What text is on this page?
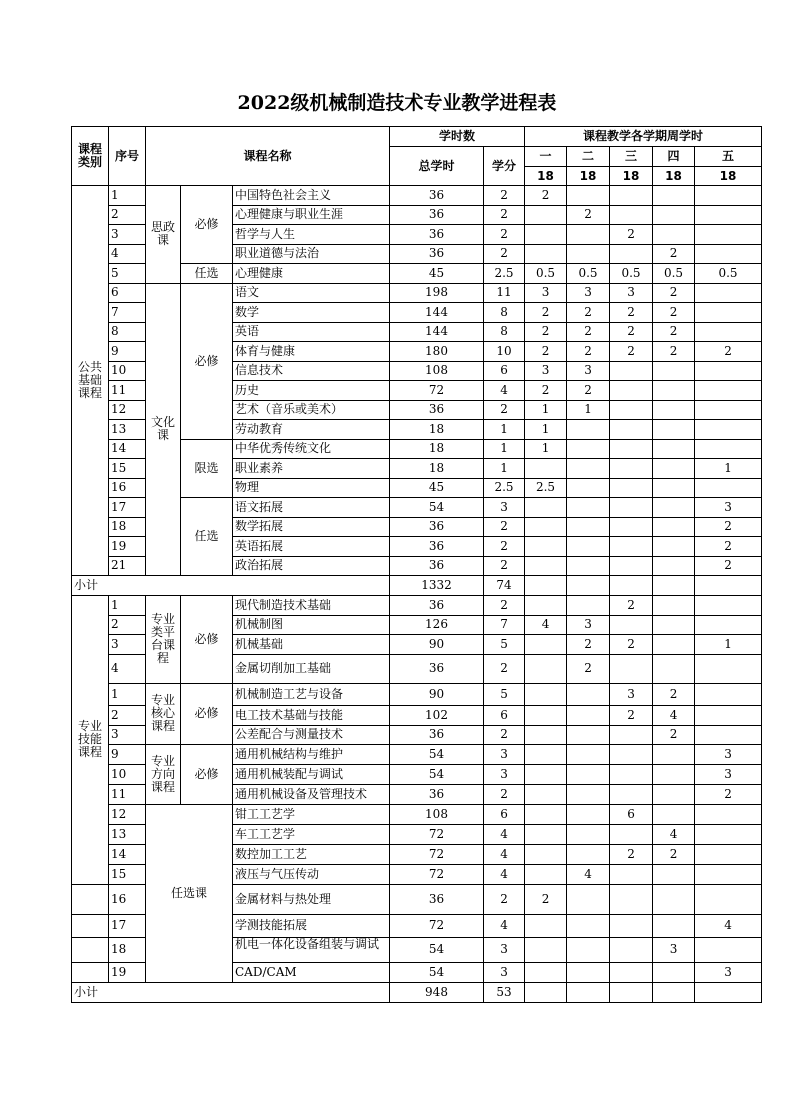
2022级机械制造技术专业教学进程表
课程类别	序号	课程名称			学时数		课程教学各学期周学时				
					总学时	学分	一	二	三	四	五
							18	18	18	18	18
公共基础课程	1	思政课	必修	中国特色社会主义	36	2	2				
	2			心理健康与职业生涯	36	2		2			
	3			哲学与人生	36	2			2		
	4			职业道德与法治	36	2				2	
	5		任选	心理健康	45	2.5	0.5	0.5	0.5	0.5	0.5
	6	文化课	必修	语文	198	11	3	3	3	2	
	7			数学	144	8	2	2	2	2	
	8			英语	144	8	2	2	2	2	
	9			体育与健康	180	10	2	2	2	2	2
	10			信息技术	108	6	3	3			
	11			历史	72	4	2	2			
	12			艺术（音乐或美术）	36	2	1	1			
	13			劳动教育	18	1	1				
	14		限选	中华优秀传统文化	18	1	1				
	15			职业素养	18	1					1
	16			物理	45	2.5	2.5				
	17		任选	语文拓展	54	3					3
	18			数学拓展	36	2					2
	19			英语拓展	36	2					2
	21			政治拓展	36	2					2
小计					1332	74					
专业技能课程	1	专业类平台课程	必修	现代制造技术基础	36	2			2		
	2			机械制图	126	7	4	3			
	3			机械基础	90	5		2	2		1
	4			金属切削加工基础	36	2		2			
	1	专业核心课程	必修	机械制造工艺与设备	90	5			3	2	
	2			电工技术基础与技能	102	6			2	4	
	3			公差配合与测量技术	36	2				2	
	9	专业方向课程	必修	通用机械结构与维护	54	3					3
	10			通用机械装配与调试	54	3					3
	11			通用机械设备及管理技术	36	2					2
	12	任选课		钳工工艺学	108	6			6		
	13			车工工艺学	72	4				4	
	14			数控加工工艺	72	4			2	2	
	15			液压与气压传动	72	4		4			
	16			金属材料与热处理	36	2	2				
	17			学测技能拓展	72	4					4
	18			机电一体化设备组装与调试	54	3				3	
	19			CAD/CAM	54	3					3
小计					948	53					
